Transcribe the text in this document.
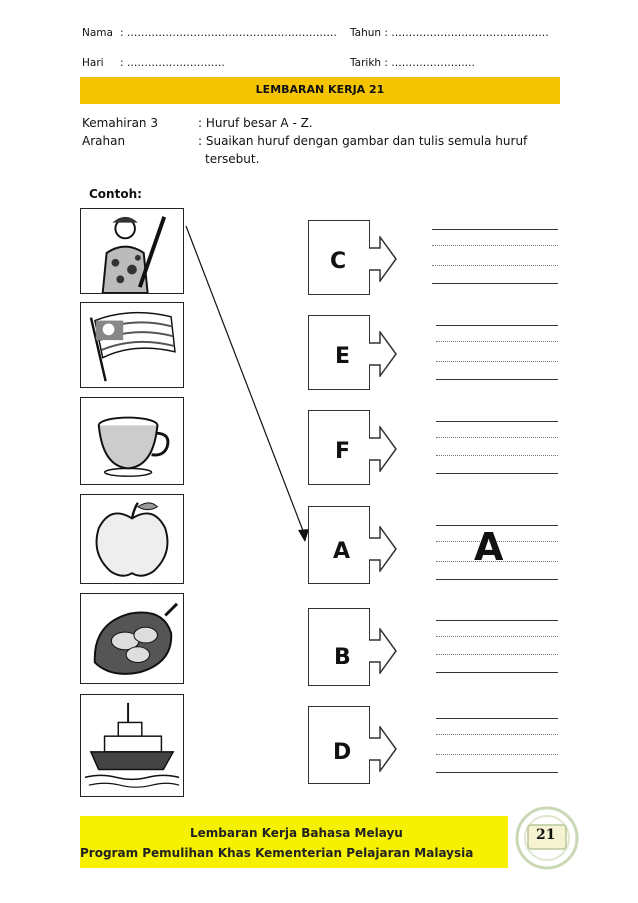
Nama : …………………………………………………… Tahun : ………………………………………
Hari : ……………………….	Tarikh : …………………...
LEMBARAN KERJA 21
Kemahiran 3	: Huruf besar A - Z.
Arahan	: Suaikan huruf dengan gambar dan tulis semula huruf
tersebut.
Contoh:
C
E
F
A
B
D
A
Lembaran Kerja Bahasa Melayu
Program Pemulihan Khas Kementerian Pelajaran Malaysia
21
